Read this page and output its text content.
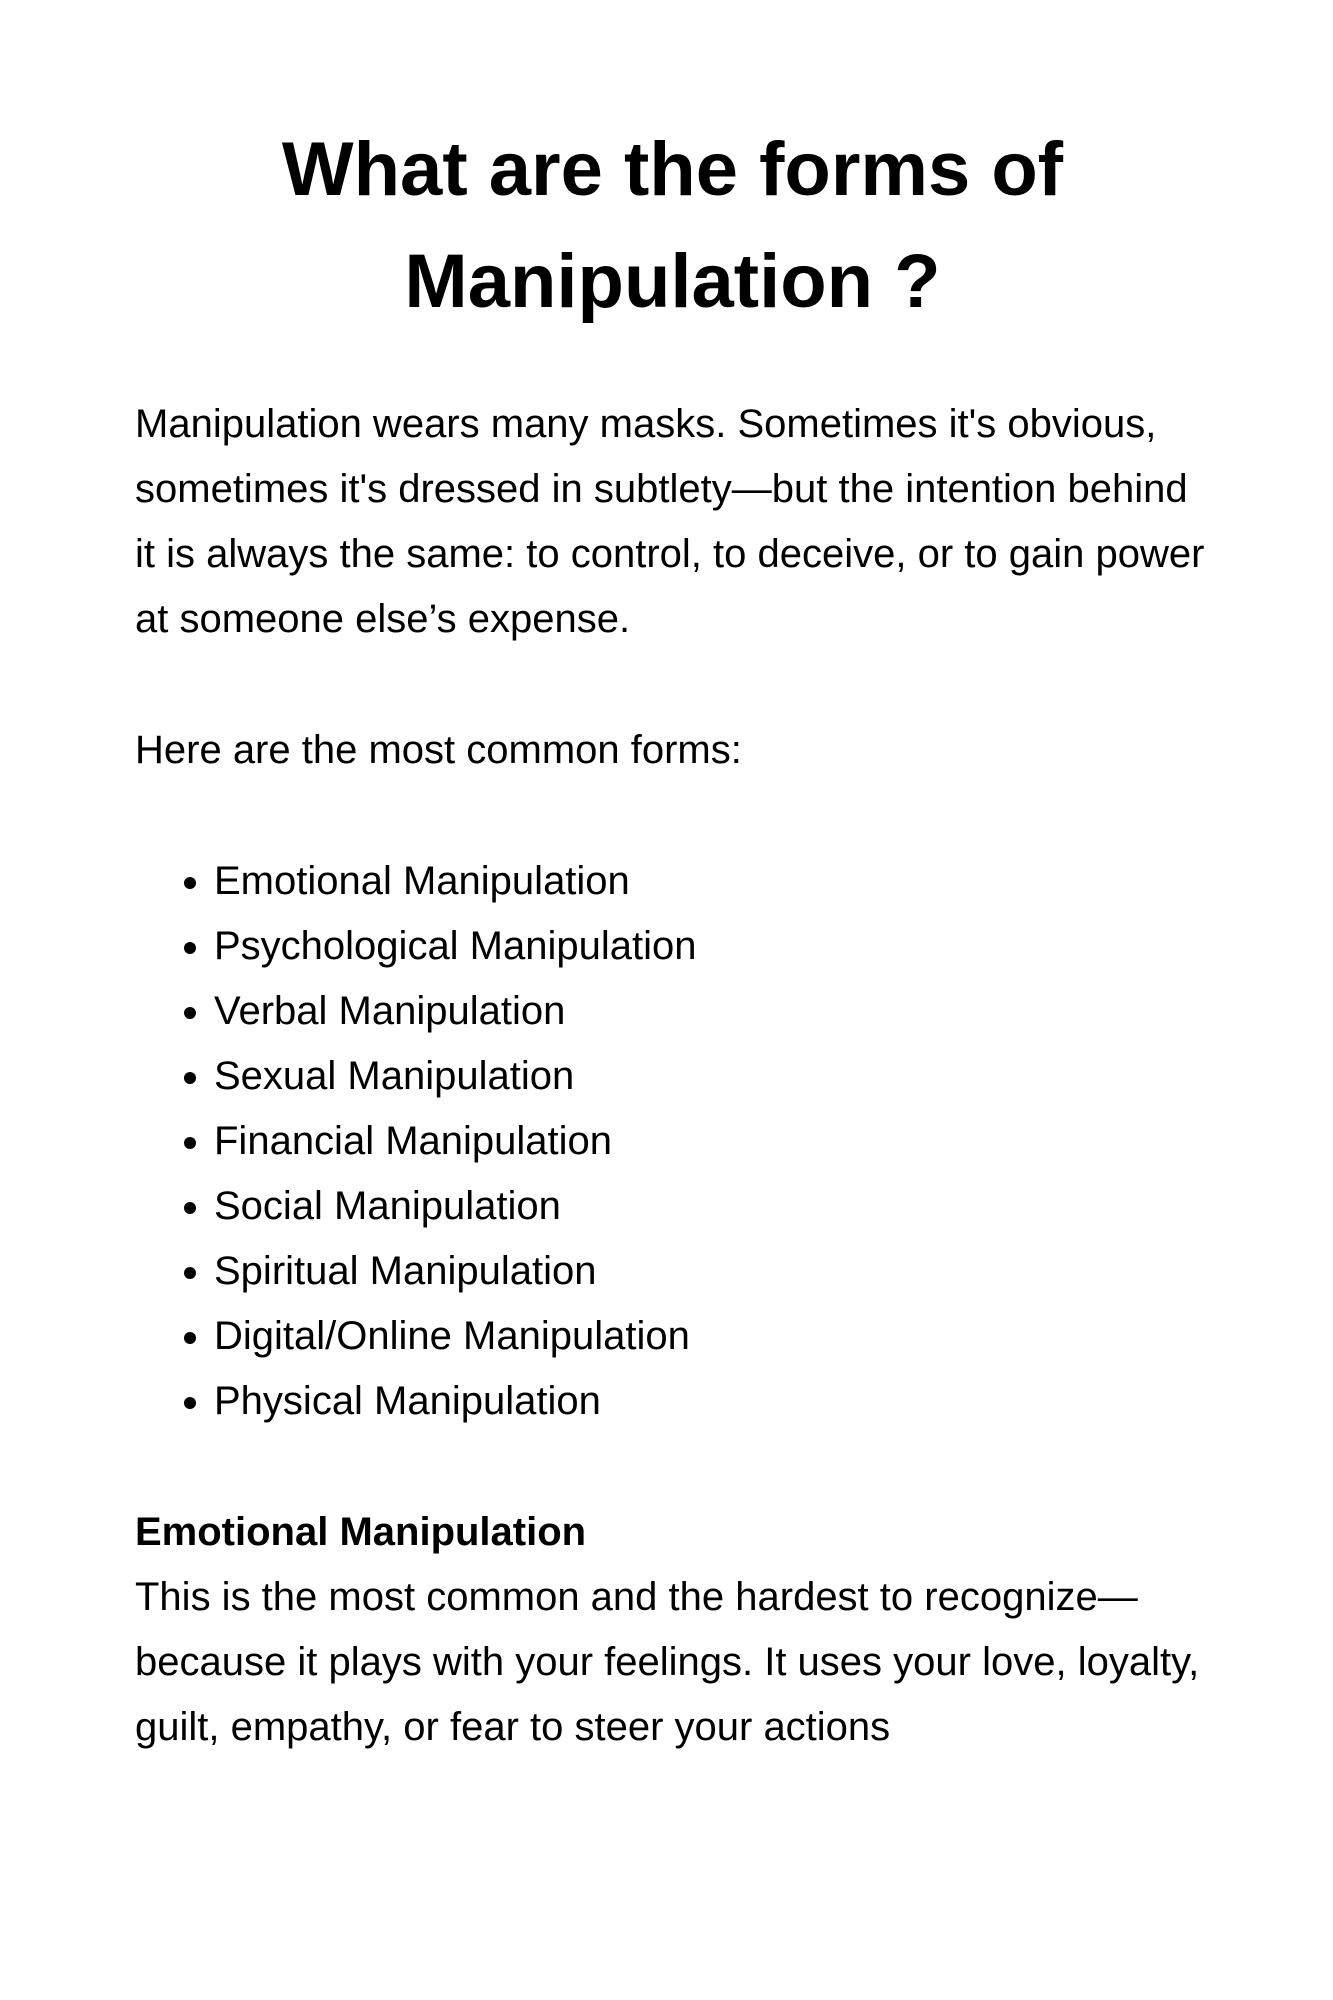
What are the forms of Manipulation ?

Manipulation wears many masks. Sometimes it's obvious, sometimes it's dressed in subtlety—but the intention behind it is always the same: to control, to deceive, or to gain power at someone else’s expense.

Here are the most common forms:

• Emotional Manipulation
• Psychological Manipulation
• Verbal Manipulation
• Sexual Manipulation
• Financial Manipulation
• Social Manipulation
• Spiritual Manipulation
• Digital/Online Manipulation
• Physical Manipulation
Emotional Manipulation

This is the most common and the hardest to recognize—because it plays with your feelings. It uses your love, loyalty, guilt, empathy, or fear to steer your actions
